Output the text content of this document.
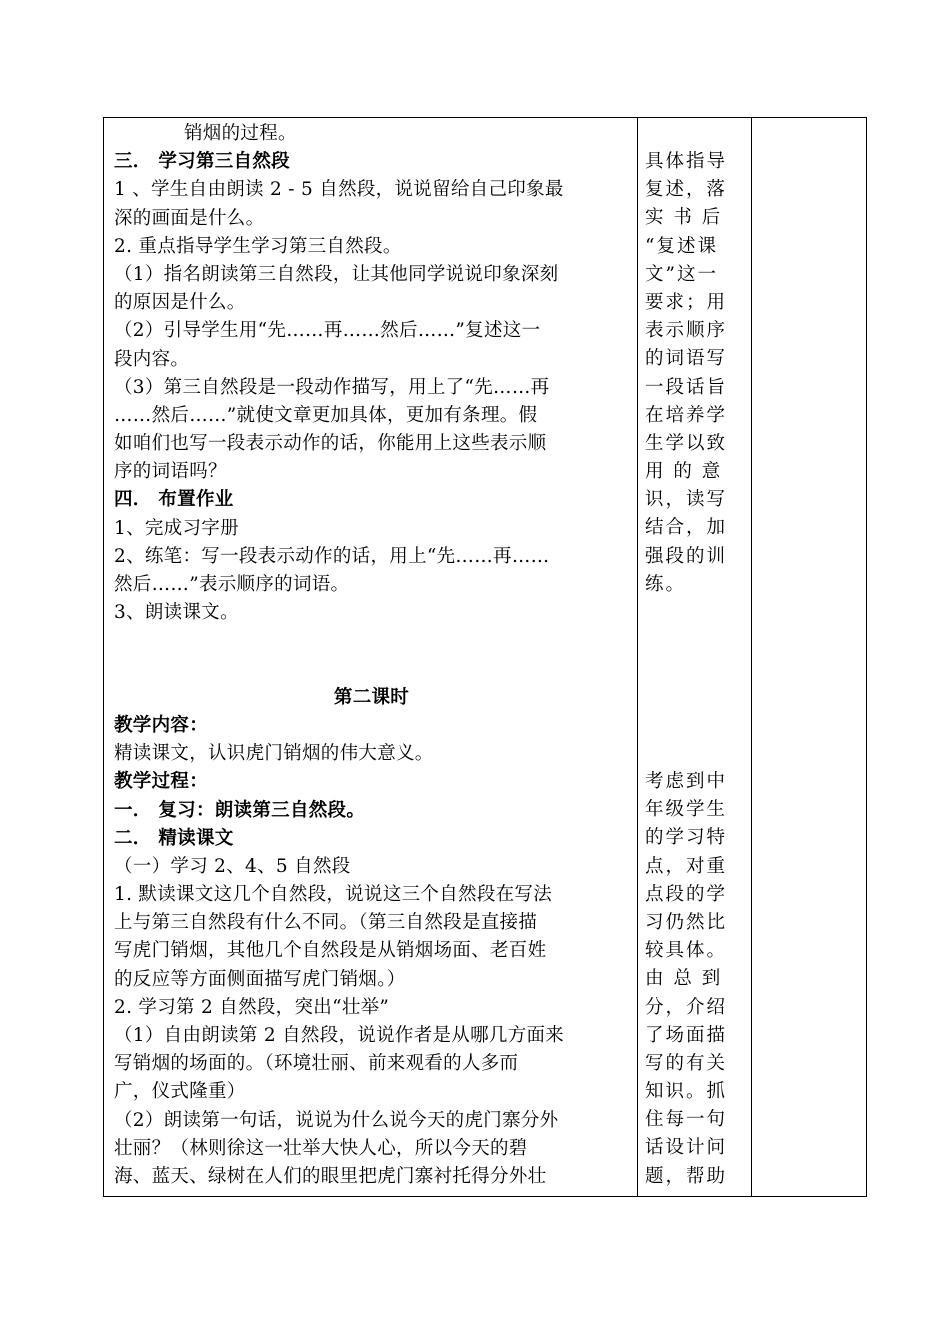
销烟的过程。
三． 学习第三自然段
1 、学生自由朗读 2 - 5 自然段，说说留给自己印象最
深的画面是什么。
2. 重点指导学生学习第三自然段。
（1）指名朗读第三自然段，让其他同学说说印象深刻
的原因是什么。
（2）引导学生用“先……再……然后……”复述这一
段内容。
（3）第三自然段是一段动作描写，用上了“先……再
……然后……”就使文章更加具体，更加有条理。假
如咱们也写一段表示动作的话，你能用上这些表示顺
序的词语吗？
四． 布置作业
1、完成习字册
2、练笔：写一段表示动作的话，用上“先……再……
然后……”表示顺序的词语。
3、朗读课文。
第二课时
教学内容：
精读课文，认识虎门销烟的伟大意义。
教学过程：
一． 复习：朗读第三自然段。
二． 精读课文
（一）学习 2、4、5 自然段
1. 默读课文这几个自然段，说说这三个自然段在写法
上与第三自然段有什么不同。（第三自然段是直接描
写虎门销烟，其他几个自然段是从销烟场面、老百姓
的反应等方面侧面描写虎门销烟。）
2. 学习第 2 自然段，突出“壮举”
（1）自由朗读第 2 自然段，说说作者是从哪几方面来
写销烟的场面的。（环境壮丽、前来观看的人多而
广，仪式隆重）
（2）朗读第一句话，说说为什么说今天的虎门寨分外
壮丽？（林则徐这一壮举大快人心，所以今天的碧
海、蓝天、绿树在人们的眼里把虎门寨衬托得分外壮
具体指导
复述，落
实 书 后
“复述课
文”这一
要求；用
表示顺序
的词语写
一段话旨
在培养学
生学以致
用 的 意
识，读写
结合，加
强段的训
练。
考虑到中
年级学生
的学习特
点，对重
点段的学
习仍然比
较具体。
由 总 到
分，介绍
了场面描
写的有关
知识。抓
住每一句
话设计问
题，帮助
